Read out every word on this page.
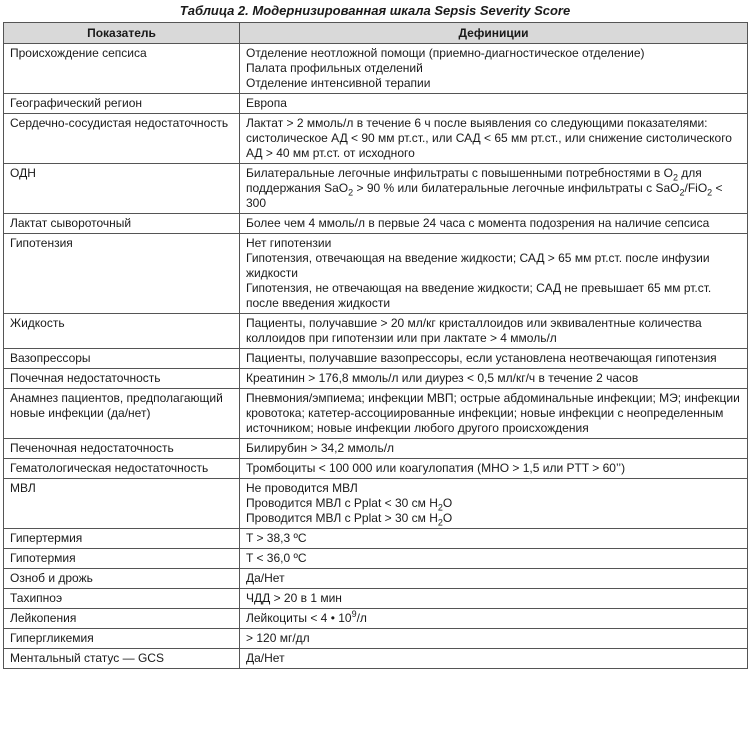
Таблица 2. Модернизированная шкала Sepsis Severity Score
Показатель	Дефиниции
Происхождение сепсиса	Отделение неотложной помощи (приемно-диагностическое отделение)
Палата профильных отделений
Отделение интенсивной терапии

Географический регион	Европа
Сердечно-сосудистая недостаточность	Лактат > 2 ммоль/л в течение 6 ч после выявления со следующими показателями: систолическое АД < 90 мм рт.ст., или САД < 65 мм рт.ст., или снижение систолического АД > 40 мм рт.ст. от исходного
ОДН	Билатеральные легочные инфильтраты с повышенными потребностями в $O_2$ для поддержания SaO$_2$ > 90 % или билатеральные легочные инфильтраты с SaO$_2$/FiO$_2$ < 300
Лактат сывороточный	Более чем 4 ммоль/л в первые 24 часа с момента подозрения на наличие сепсиса
Гипотензия	Нет гипотензии
Гипотензия, отвечающая на введение жидкости; САД > 65 мм рт.ст. после инфузии жидкости
Гипотензия, не отвечающая на введение жидкости; САД не превышает 65 мм рт.ст. после введения жидкости

Жидкость	Пациенты, получавшие > 20 мл/кг кристаллоидов или эквивалентные количества коллоидов при гипотензии или при лактате > 4 ммоль/л
Вазопрессоры	Пациенты, получавшие вазопрессоры, если установлена неотвечающая гипотензия
Почечная недостаточность	Креатинин > 176,8 ммоль/л или диурез < 0,5 мл/кг/ч в течение 2 часов
Анамнез пациентов, предполагающий новые инфекции (да/нет)	Пневмония/эмпиема; инфекции МВП; острые абдоминальные инфекции; МЭ; инфекции кровотока; катетер-ассоциированные инфекции; новые инфекции с неопределенным источником; новые инфекции любого другого происхождения
Печеночная недостаточность	Билирубин > 34,2 ммоль/л
Гематологическая недостаточность	Тромбоциты < 100 000 или коагулопатия (МНО > 1,5 или PTT > 60’’)
МВЛ	Не проводится МВЛ
Проводится МВЛ с Pplat < 30 см $H_2O$
Проводится МВЛ с Pplat > 30 см $H_2O$

Гипертермия	T > 38,3 ºC
Гипотермия	T < 36,0 ºC
Озноб и дрожь	Да/Нет
Тахипноэ	ЧДД > 20 в 1 мин
Лейкопения	Лейкоциты < 4 • $10^9/л$
Гипергликемия	> 120 мг/дл
Ментальный статус — GCS	Да/Нет
